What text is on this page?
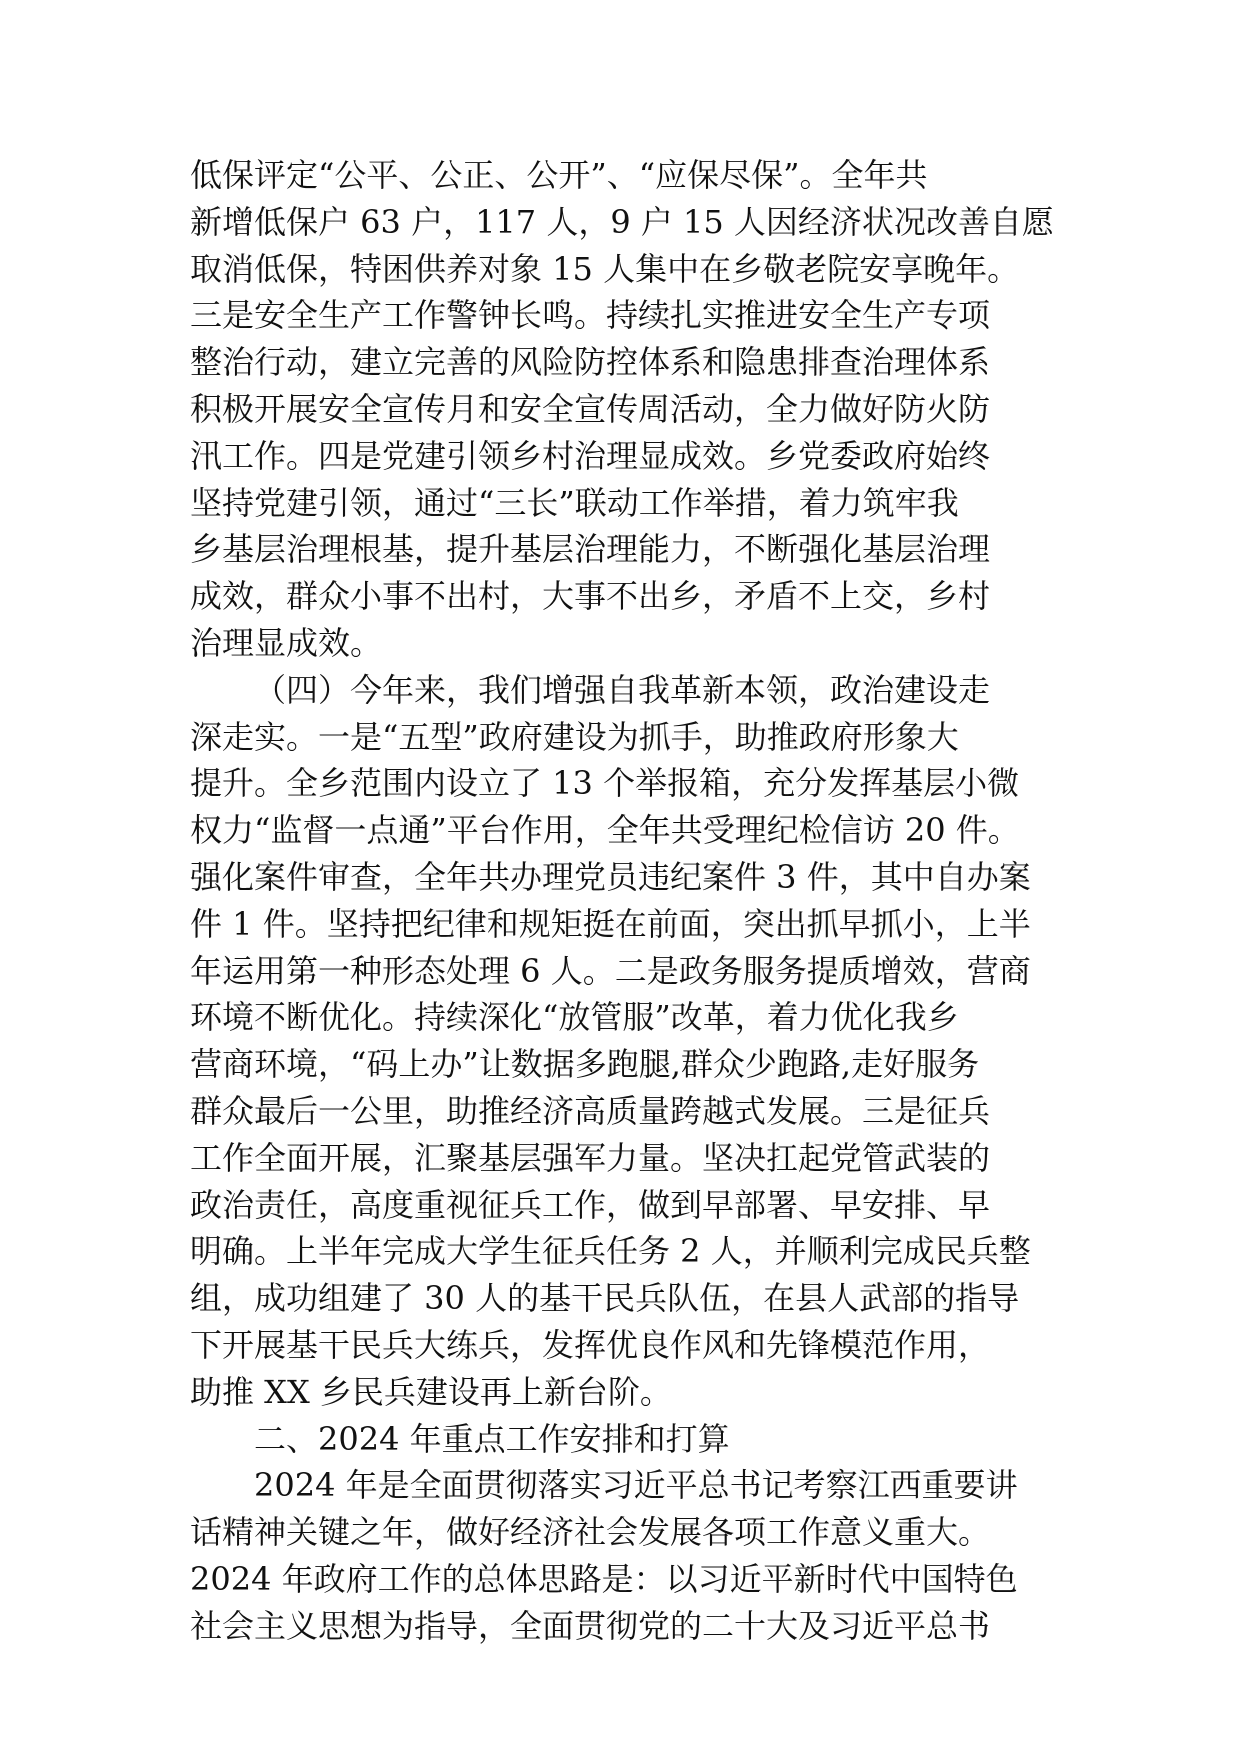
低保评定“公平、公正、公开”、“应保尽保”。全年共
新增低保户 63 户，117 人，9 户 15 人因经济状况改善自愿
取消低保，特困供养对象 15 人集中在乡敬老院安享晚年。
三是安全生产工作警钟长鸣。持续扎实推进安全生产专项
整治行动，建立完善的风险防控体系和隐患排查治理体系
积极开展安全宣传月和安全宣传周活动，全力做好防火防
汛工作。四是党建引领乡村治理显成效。乡党委政府始终
坚持党建引领，通过“三长”联动工作举措，着力筑牢我
乡基层治理根基，提升基层治理能力，不断强化基层治理
成效，群众小事不出村，大事不出乡，矛盾不上交，乡村
治理显成效。
（四）今年来，我们增强自我革新本领，政治建设走
深走实。一是“五型”政府建设为抓手，助推政府形象大
提升。全乡范围内设立了 13 个举报箱，充分发挥基层小微
权力“监督一点通”平台作用，全年共受理纪检信访 20 件。
强化案件审查，全年共办理党员违纪案件 3 件，其中自办案
件 1 件。坚持把纪律和规矩挺在前面，突出抓早抓小，上半
年运用第一种形态处理 6 人。二是政务服务提质增效，营商
环境不断优化。持续深化“放管服”改革，着力优化我乡
营商环境，“码上办”让数据多跑腿,群众少跑路,走好服务
群众最后一公里，助推经济高质量跨越式发展。三是征兵
工作全面开展，汇聚基层强军力量。坚决扛起党管武装的
政治责任，高度重视征兵工作，做到早部署、早安排、早
明确。上半年完成大学生征兵任务 2 人，并顺利完成民兵整
组，成功组建了 30 人的基干民兵队伍，在县人武部的指导
下开展基干民兵大练兵，发挥优良作风和先锋模范作用，
助推 XX 乡民兵建设再上新台阶。
二、2024 年重点工作安排和打算
2024 年是全面贯彻落实习近平总书记考察江西重要讲
话精神关键之年，做好经济社会发展各项工作意义重大。
2024 年政府工作的总体思路是：以习近平新时代中国特色
社会主义思想为指导，全面贯彻党的二十大及习近平总书
